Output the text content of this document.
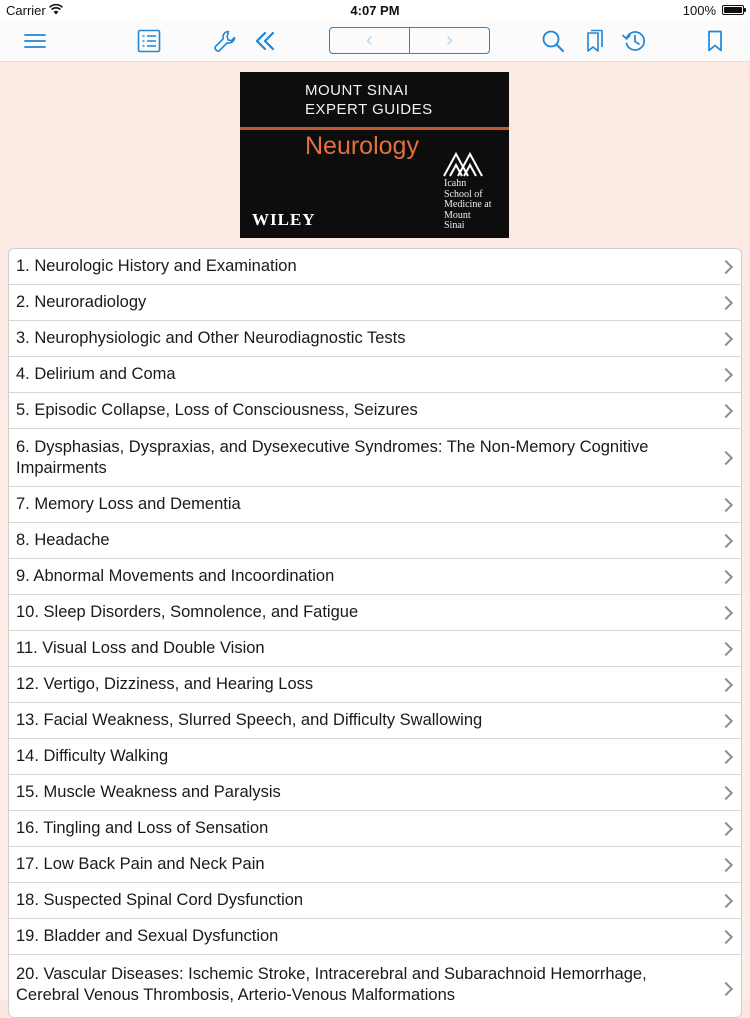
Carrier	4:07 PM	100%
‹	›
MOUNT SINAI
EXPERT GUIDES
Neurology
WILEY
Icahn
School of
Medicine at
Mount
Sinai
1. Neurologic History and Examination
2. Neuroradiology
3. Neurophysiologic and Other Neurodiagnostic Tests
4. Delirium and Coma
5. Episodic Collapse, Loss of Consciousness, Seizures
6. Dysphasias, Dyspraxias, and Dysexecutive Syndromes: The Non-Memory Cognitive Impairments
7. Memory Loss and Dementia
8. Headache
9. Abnormal Movements and Incoordination
10. Sleep Disorders, Somnolence, and Fatigue
11. Visual Loss and Double Vision
12. Vertigo, Dizziness, and Hearing Loss
13. Facial Weakness, Slurred Speech, and Difficulty Swallowing
14. Difficulty Walking
15. Muscle Weakness and Paralysis
16. Tingling and Loss of Sensation
17. Low Back Pain and Neck Pain
18. Suspected Spinal Cord Dysfunction
19. Bladder and Sexual Dysfunction
20. Vascular Diseases: Ischemic Stroke, Intracerebral and Subarachnoid Hemorrhage, Cerebral Venous Thrombosis, Arterio-Venous Malformations
